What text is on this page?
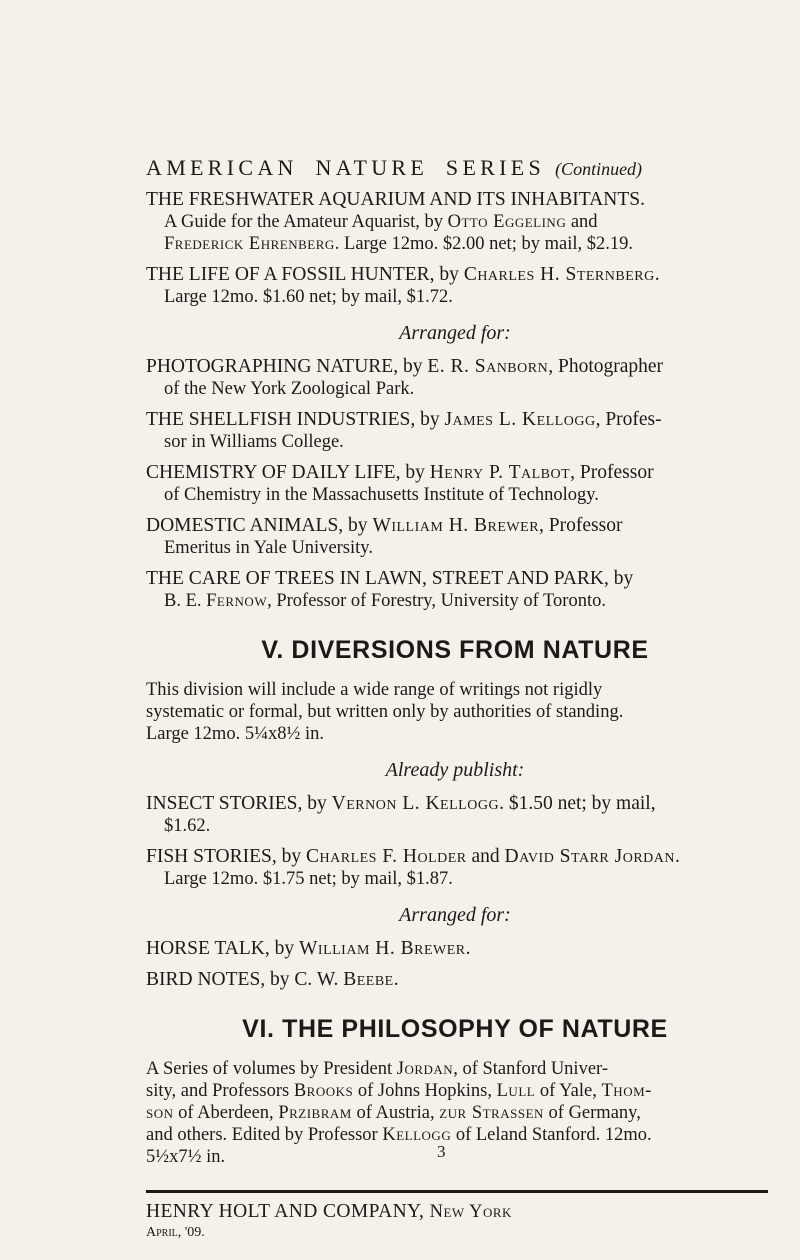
AMERICAN NATURE SERIES (Continued)
THE FRESHWATER AQUARIUM AND ITS INHABITANTS.
A Guide for the Amateur Aquarist, by Otto Eggeling and
Frederick Ehrenberg. Large 12mo. $2.00 net; by mail, $2.19.
THE LIFE OF A FOSSIL HUNTER, by Charles H. Sternberg.
Large 12mo. $1.60 net; by mail, $1.72.
Arranged for:
PHOTOGRAPHING NATURE, by E. R. Sanborn, Photographer
of the New York Zoological Park.
THE SHELLFISH INDUSTRIES, by James L. Kellogg, Profes-
sor in Williams College.
CHEMISTRY OF DAILY LIFE, by Henry P. Talbot, Professor
of Chemistry in the Massachusetts Institute of Technology.
DOMESTIC ANIMALS, by William H. Brewer, Professor
Emeritus in Yale University.
THE CARE OF TREES IN LAWN, STREET AND PARK, by
B. E. Fernow, Professor of Forestry, University of Toronto.
V. DIVERSIONS FROM NATURE
This division will include a wide range of writings not rigidly
systematic or formal, but written only by authorities of standing.
Large 12mo. 5¼x8½ in.
Already publisht:
INSECT STORIES, by Vernon L. Kellogg. $1.50 net; by mail,
$1.62.
FISH STORIES, by Charles F. Holder and David Starr Jordan.
Large 12mo. $1.75 net; by mail, $1.87.
Arranged for:
HORSE TALK, by William H. Brewer.
BIRD NOTES, by C. W. Beebe.
VI. THE PHILOSOPHY OF NATURE
A Series of volumes by President Jordan, of Stanford Univer-
sity, and Professors Brooks of Johns Hopkins, Lull of Yale, Thom-
son of Aberdeen, Przibram of Austria, zur Strassen of Germany,
and others. Edited by Professor Kellogg of Leland Stanford. 12mo.
5½x7½ in.
HENRY HOLT AND COMPANY, New York
April, '09.
3
